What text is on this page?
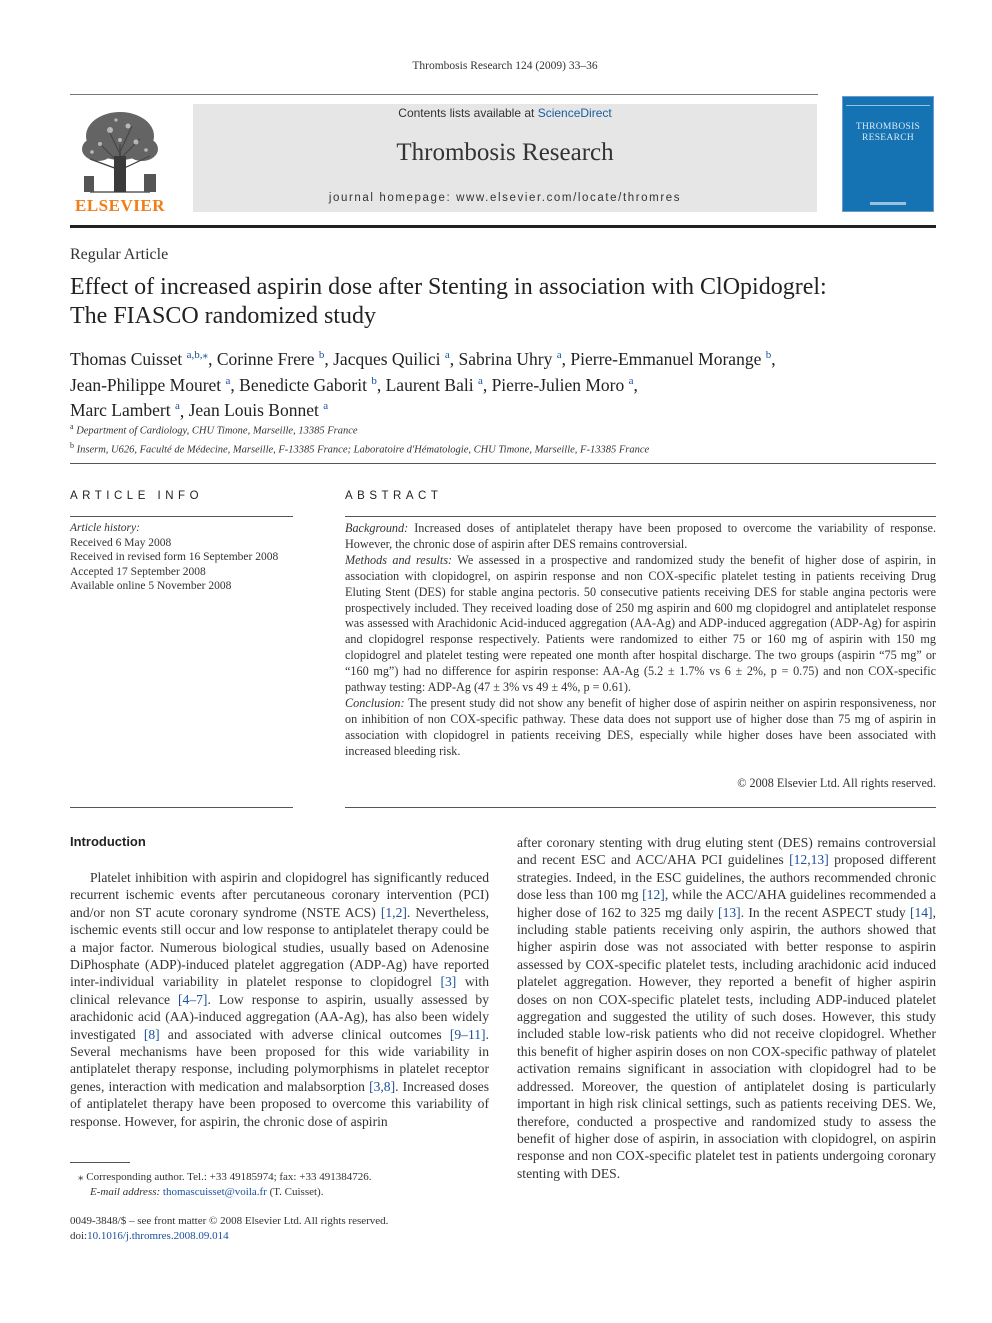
Thrombosis Research 124 (2009) 33–36
ELSEVIER
Contents lists available at ScienceDirect
Thrombosis Research
journal homepage: www.elsevier.com/locate/thromres
THROMBOSIS
RESEARCH
Regular Article
Effect of increased aspirin dose after Stenting in association with ClOpidogrel:
The FIASCO randomized study
Thomas Cuisset $^{a,b,⁎}$, Corinne Frere $^b$, Jacques Quilici $^a$, Sabrina Uhry $^a$, Pierre-Emmanuel Morange $^b$,
Jean-Philippe Mouret $^a$, Benedicte Gaborit $^b$, Laurent Bali $^a$, Pierre-Julien Moro $^a$,
Marc Lambert $^a$, Jean Louis Bonnet $^a$
$^a$ Department of Cardiology, CHU Timone, Marseille, 13385 France
$^b$ Inserm, U626, Faculté de Médecine, Marseille, F-13385 France; Laboratoire d'Hématologie, CHU Timone, Marseille, F-13385 France
ARTICLE INFO	ABSTRACT
Article history:
Received 6 May 2008
Received in revised form 16 September 2008
Accepted 17 September 2008
Available online 5 November 2008

Background: Increased doses of antiplatelet therapy have been proposed to overcome the variability of response. However, the chronic dose of aspirin after DES remains controversial.

Methods and results: We assessed in a prospective and randomized study the benefit of higher dose of aspirin, in association with clopidogrel, on aspirin response and non COX-specific platelet testing in patients receiving Drug Eluting Stent (DES) for stable angina pectoris. 50 consecutive patients receiving DES for stable angina pectoris were prospectively included. They received loading dose of 250 mg aspirin and 600 mg clopidogrel and antiplatelet response was assessed with Arachidonic Acid-induced aggregation (AA-Ag) and ADP-induced aggregation (ADP-Ag) for aspirin and clopidogrel response respectively. Patients were randomized to either 75 or 160 mg of aspirin with 150 mg clopidogrel and platelet testing were repeated one month after hospital discharge. The two groups (aspirin “75 mg” or “160 mg”) had no difference for aspirin response: AA-Ag (5.2 ± 1.7% vs 6 ± 2%, p = 0.75) and non COX-specific pathway testing: ADP-Ag (47 ± 3% vs 49 ± 4%, p = 0.61).

Conclusion: The present study did not show any benefit of higher dose of aspirin neither on aspirin responsiveness, nor on inhibition of non COX-specific pathway. These data does not support use of higher dose than 75 mg of aspirin in association with clopidogrel in patients receiving DES, especially while higher doses have been associated with increased bleeding risk.

© 2008 Elsevier Ltd. All rights reserved.
Introduction

Platelet inhibition with aspirin and clopidogrel has significantly reduced recurrent ischemic events after percutaneous coronary intervention (PCI) and/or non ST acute coronary syndrome (NSTE ACS) [1,2]. Nevertheless, ischemic events still occur and low response to antiplatelet therapy could be a major factor. Numerous biological studies, usually based on Adenosine DiPhosphate (ADP)-induced platelet aggregation (ADP-Ag) have reported inter-individual variability in platelet response to clopidogrel [3] with clinical relevance [4–7]. Low response to aspirin, usually assessed by arachidonic acid (AA)-induced aggregation (AA-Ag), has also been widely investigated [8] and associated with adverse clinical outcomes [9–11]. Several mechanisms have been proposed for this wide variability in antiplatelet therapy response, including polymorphisms in platelet receptor genes, interaction with medication and malabsorption [3,8]. Increased doses of antiplatelet therapy have been proposed to overcome this variability of response. However, for aspirin, the chronic dose of aspirin

after coronary stenting with drug eluting stent (DES) remains controversial and recent ESC and ACC/AHA PCI guidelines [12,13] proposed different strategies. Indeed, in the ESC guidelines, the authors recommended chronic dose less than 100 mg [12], while the ACC/AHA guidelines recommended a higher dose of 162 to 325 mg daily [13]. In the recent ASPECT study [14], including stable patients receiving only aspirin, the authors showed that higher aspirin dose was not associated with better response to aspirin assessed by COX-specific platelet tests, including arachidonic acid induced platelet aggregation. However, they reported a benefit of higher aspirin doses on non COX-specific platelet tests, including ADP-induced platelet aggregation and suggested the utility of such doses. However, this study included stable low-risk patients who did not receive clopidogrel. Whether this benefit of higher aspirin doses on non COX-specific pathway of platelet activation remains significant in association with clopidogrel had to be addressed. Moreover, the question of antiplatelet dosing is particularly important in high risk clinical settings, such as patients receiving DES. We, therefore, conducted a prospective and randomized study to assess the benefit of higher dose of aspirin, in association with clopidogrel, on aspirin response and non COX-specific platelet test in patients undergoing coronary stenting with DES.

⁎ Corresponding author. Tel.: +33 49185974; fax: +33 491384726.
E-mail address: thomascuisset@voila.fr (T. Cuisset).
0049-3848/$ – see front matter © 2008 Elsevier Ltd. All rights reserved.
doi:10.1016/j.thromres.2008.09.014
